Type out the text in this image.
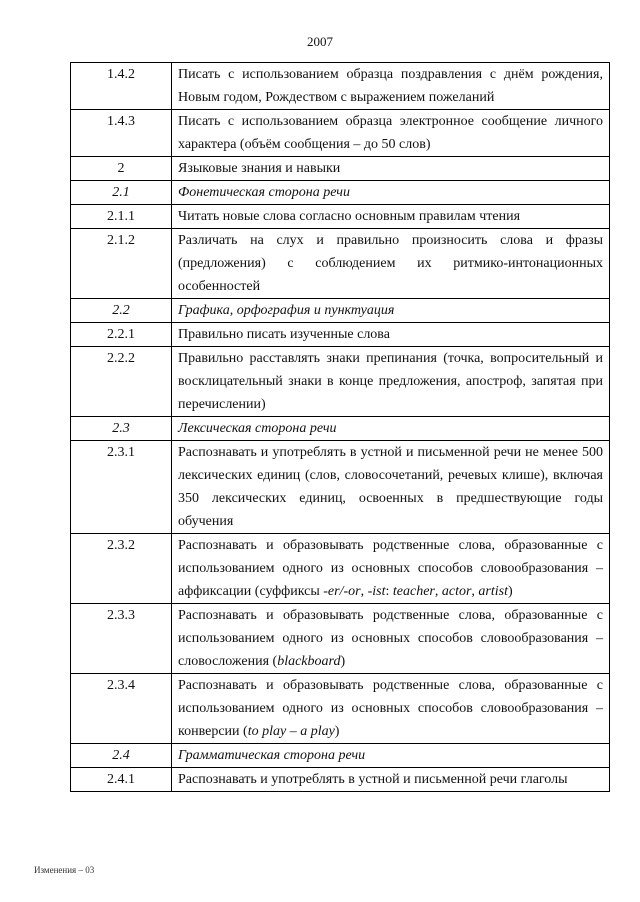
2007
1.4.2	Писать с использованием образца поздравления с днём рождения, Новым годом, Рождеством с выражением пожеланий
1.4.3	Писать с использованием образца электронное сообщение личного характера (объём сообщения – до 50 слов)
2	Языковые знания и навыки
2.1	Фонетическая сторона речи
2.1.1	Читать новые слова согласно основным правилам чтения
2.1.2	Различать на слух и правильно произносить слова и фразы (предложения) с соблюдением их ритмико-интонационных особенностей
2.2	Графика, орфография и пунктуация
2.2.1	Правильно писать изученные слова
2.2.2	Правильно расставлять знаки препинания (точка, вопросительный и восклицательный знаки в конце предложения, апостроф, запятая при перечислении)
2.3	Лексическая сторона речи
2.3.1	Распознавать и употреблять в устной и письменной речи не менее 500 лексических единиц (слов, словосочетаний, речевых клише), включая 350 лексических единиц, освоенных в предшествующие годы обучения
2.3.2	Распознавать и образовывать родственные слова, образованные с использованием одного из основных способов словообразования – аффиксации (суффиксы -er/-or, -ist: teacher, actor, artist)
2.3.3	Распознавать и образовывать родственные слова, образованные с использованием одного из основных способов словообразования – словосложения (blackboard)
2.3.4	Распознавать и образовывать родственные слова, образованные с использованием одного из основных способов словообразования – конверсии (to play – a play)
2.4	Грамматическая сторона речи
2.4.1	Распознавать и употреблять в устной и письменной речи глаголы
Изменения – 03
